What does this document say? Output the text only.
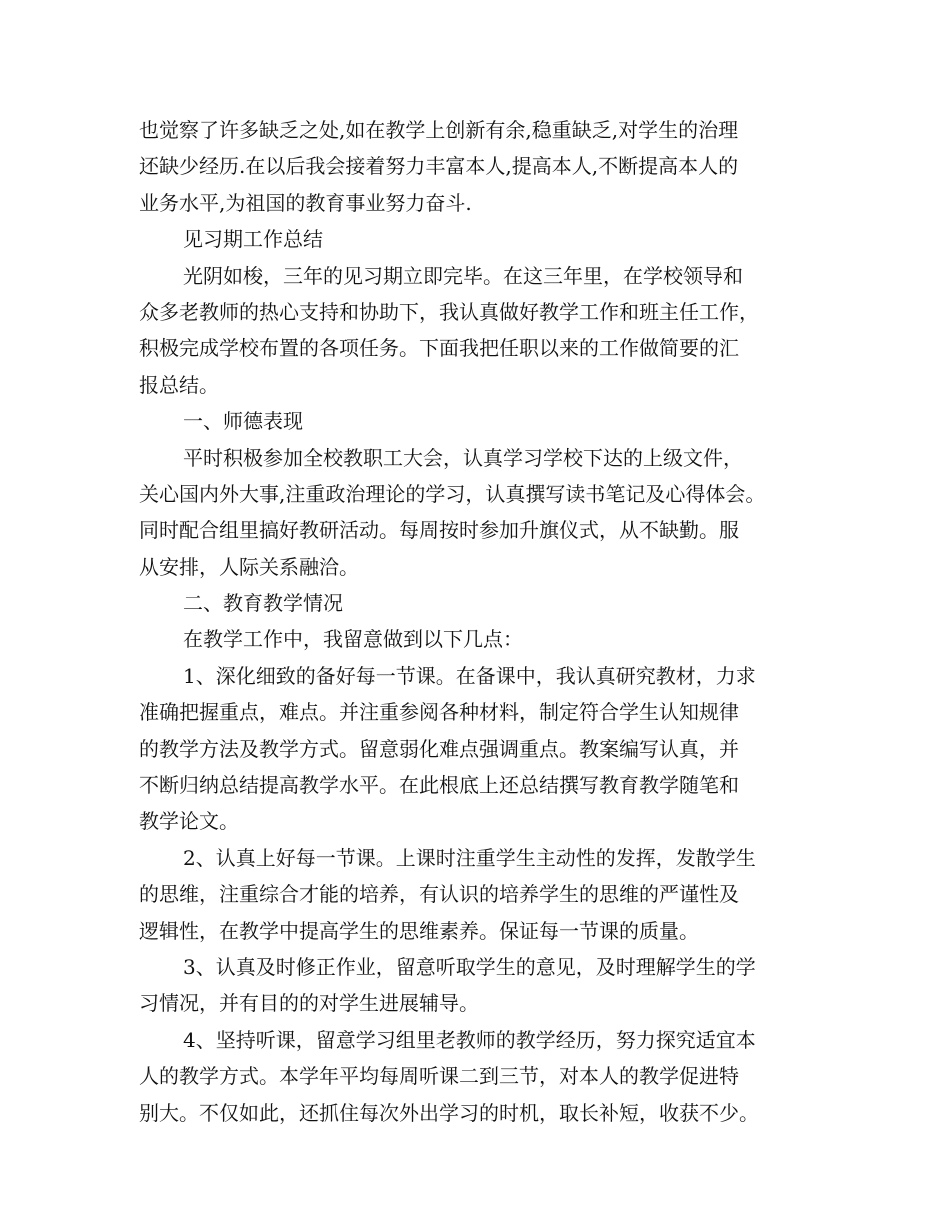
也觉察了许多缺乏之处,如在教学上创新有余,稳重缺乏,对学生的治理
还缺少经历.在以后我会接着努力丰富本人,提高本人,不断提高本人的
业务水平,为祖国的教育事业努力奋斗.
见习期工作总结
光阴如梭，三年的见习期立即完毕。在这三年里，在学校领导和
众多老教师的热心支持和协助下，我认真做好教学工作和班主任工作，
积极完成学校布置的各项任务。下面我把任职以来的工作做简要的汇
报总结。
一、师德表现
平时积极参加全校教职工大会，认真学习学校下达的上级文件，
关心国内外大事,注重政治理论的学习，认真撰写读书笔记及心得体会。
同时配合组里搞好教研活动。每周按时参加升旗仪式，从不缺勤。服
从安排，人际关系融洽。
二、教育教学情况
在教学工作中，我留意做到以下几点：
1、深化细致的备好每一节课。在备课中，我认真研究教材，力求
准确把握重点，难点。并注重参阅各种材料，制定符合学生认知规律
的教学方法及教学方式。留意弱化难点强调重点。教案编写认真，并
不断归纳总结提高教学水平。在此根底上还总结撰写教育教学随笔和
教学论文。
2、认真上好每一节课。上课时注重学生主动性的发挥，发散学生
的思维，注重综合才能的培养，有认识的培养学生的思维的严谨性及
逻辑性，在教学中提高学生的思维素养。保证每一节课的质量。
3、认真及时修正作业，留意听取学生的意见，及时理解学生的学
习情况，并有目的的对学生进展辅导。
4、坚持听课，留意学习组里老教师的教学经历，努力探究适宜本
人的教学方式。本学年平均每周听课二到三节，对本人的教学促进特
别大。不仅如此，还抓住每次外出学习的时机，取长补短，收获不少。
